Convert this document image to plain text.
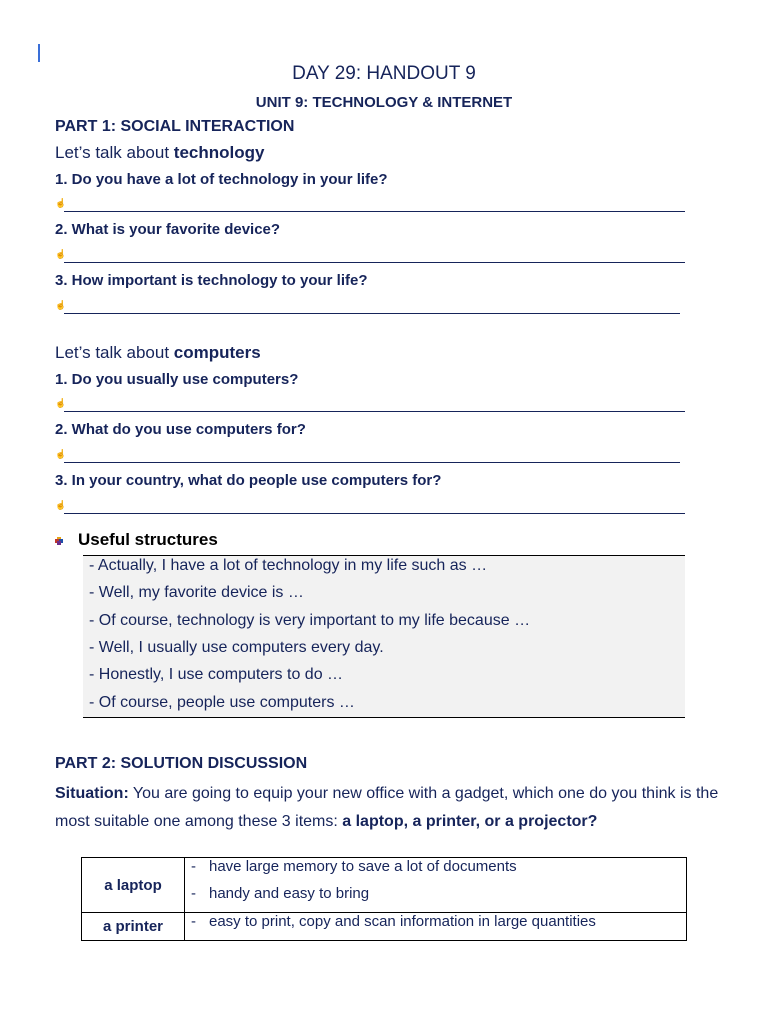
DAY 29: HANDOUT 9
UNIT 9: TECHNOLOGY & INTERNET
PART 1: SOCIAL INTERACTION
Let’s talk about technology
1. Do you have a lot of technology in your life?
☝
2. What is your favorite device?
☝
3. How important is technology to your life?
☝
Let’s talk about computers
1. Do you usually use computers?
☝
2. What do you use computers for?
☝
3. In your country, what do people use computers for?
☝
Useful structures
- Actually, I have a lot of technology in my life such as …
- Well, my favorite device is …
- Of course, technology is very important to my life because …
- Well, I usually use computers every day.
- Honestly, I use computers to do …
- Of course, people use computers …
PART 2: SOLUTION DISCUSSION
Situation: You are going to equip your new office with a gadget, which one do you think is the most suitable one among these 3 items: a laptop, a printer, or a projector?
a laptop	- have large memory to save a lot of documents
- handy and easy to bring

a printer	- easy to print, copy and scan information in large quantities
